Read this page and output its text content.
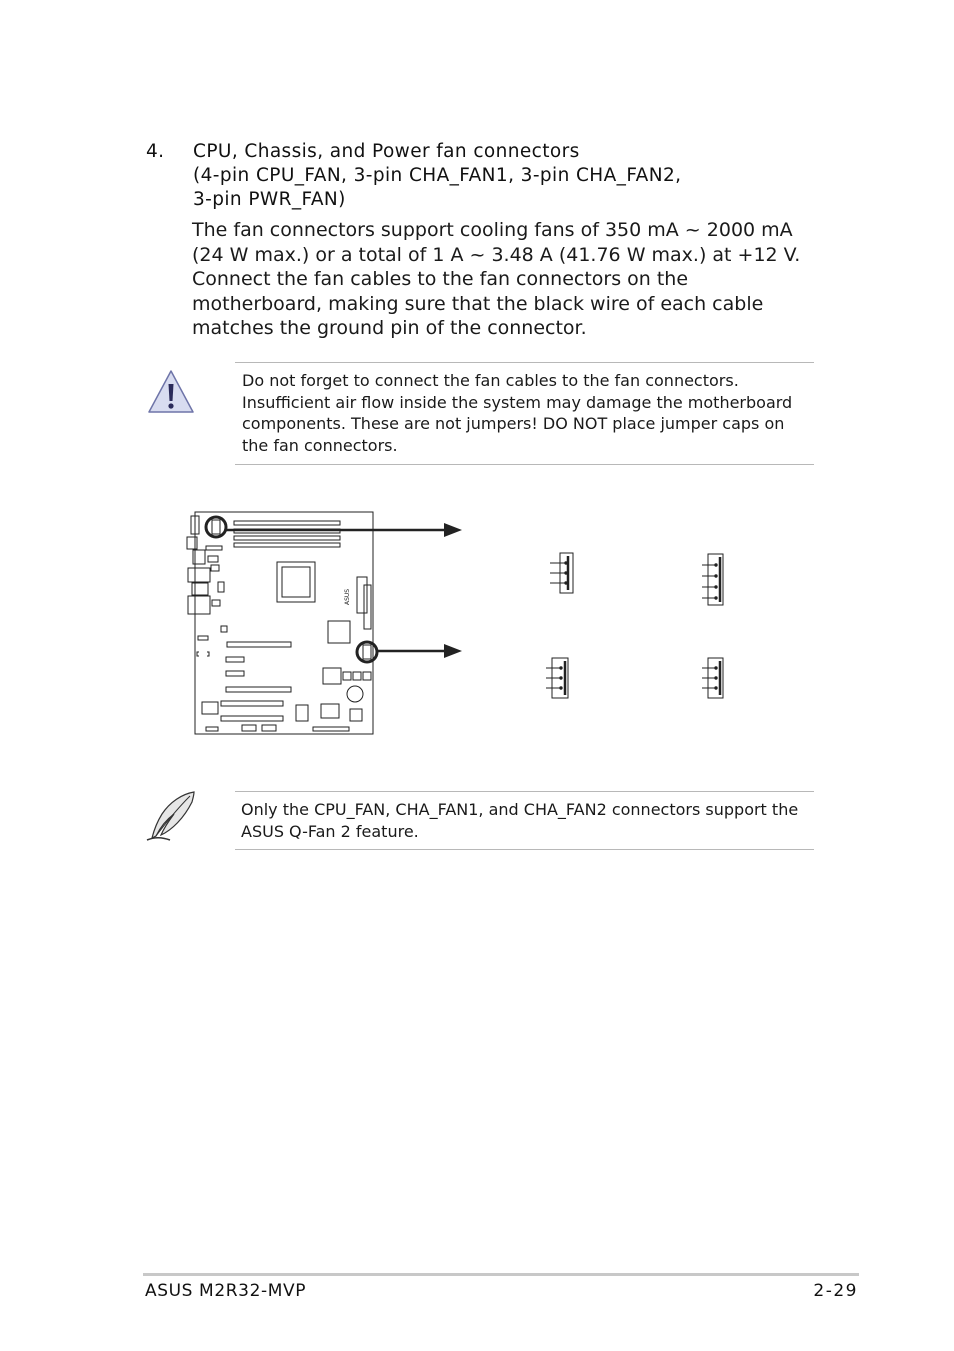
4.	CPU, Chassis, and Power fan connectors
(4-pin CPU_FAN, 3-pin CHA_FAN1, 3-pin CHA_FAN2,
3-pin PWR_FAN)
The fan connectors support cooling fans of 350 mA ~ 2000 mA (24 W max.) or a total of 1 A ~ 3.48 A (41.76 W max.) at +12 V. Connect the fan cables to the fan connectors on the motherboard, making sure that the black wire of each cable matches the ground pin of the connector.
Do not forget to connect the fan cables to the fan connectors. Insufficient air flow inside the system may damage the motherboard components. These are not jumpers! DO NOT place jumper caps on the fan connectors.
ASUS
Only the CPU_FAN, CHA_FAN1, and CHA_FAN2 connectors support the ASUS Q-Fan 2 feature.
ASUS M2R32-MVP	2-29
